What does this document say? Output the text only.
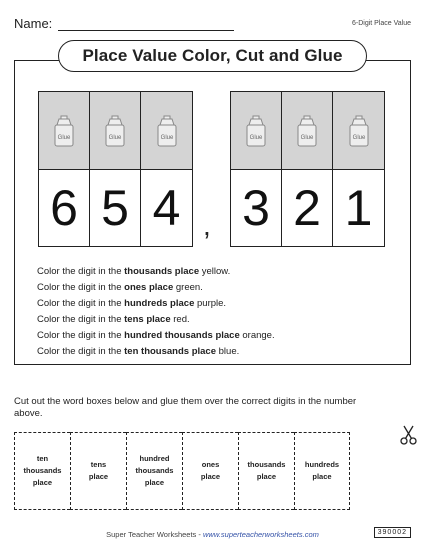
Name:	6-Digit Place Value
Place Value Color, Cut and Glue
Glue
6
Glue
5
Glue
4 ,
Glue
3
Glue
2
Glue
1
Color the digit in the thousands place yellow.
Color the digit in the ones place green.
Color the digit in the hundreds place purple.
Color the digit in the tens place red.
Color the digit in the hundred thousands place orange.
Color the digit in the ten thousands place blue.
Cut out the word boxes below and glue them over the correct digits in the number above.
ten
thousands
place
tens
place
hundred
thousands
place
ones
place
thousands
place
hundreds
place
Super Teacher Worksheets - www.superteacherworksheets.com	390002
